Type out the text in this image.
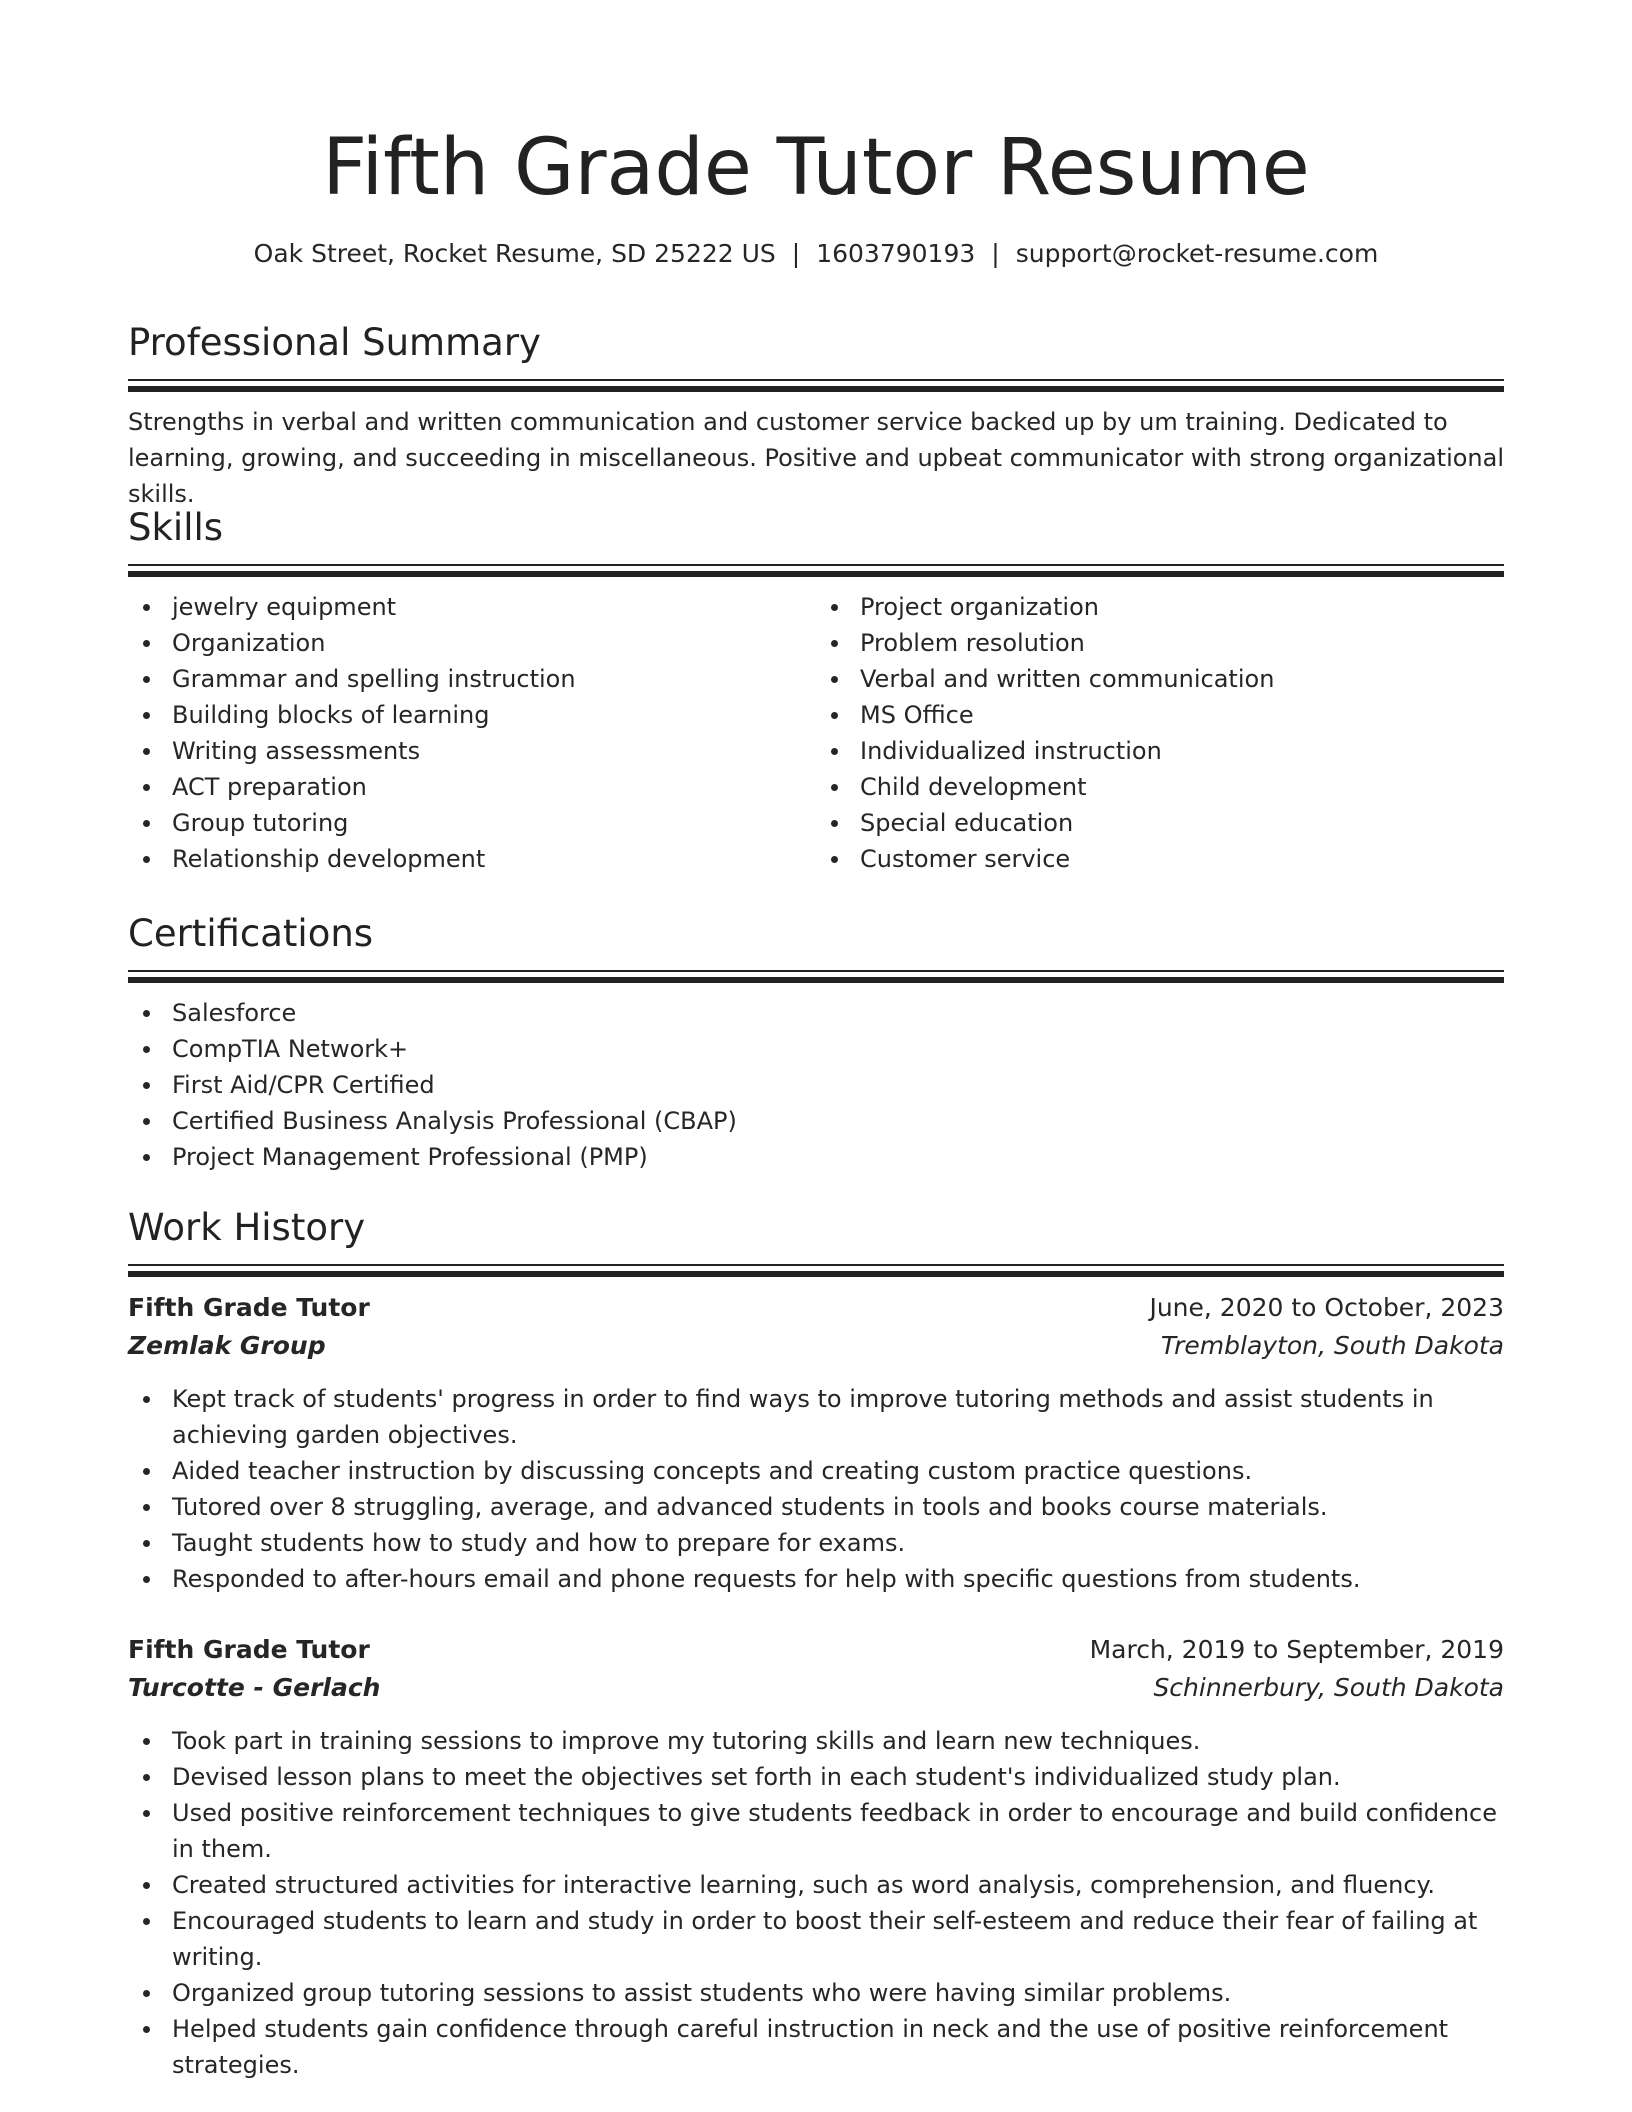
Fifth Grade Tutor Resume
Oak Street, Rocket Resume, SD 25222 US | 1603790193 | support@rocket-resume.com
Professional Summary

Strengths in verbal and written communication and customer service backed up by um training. Dedicated to learning, growing, and succeeding in miscellaneous. Positive and upbeat communicator with strong organizational skills.

Skills
jewelry equipment
Organization
Grammar and spelling instruction
Building blocks of learning
Writing assessments
ACT preparation
Group tutoring
Relationship development
Project organization
Problem resolution
Verbal and written communication
MS Office
Individualized instruction
Child development
Special education
Customer service
Certifications
Salesforce
CompTIA Network+
First Aid/CPR Certified
Certified Business Analysis Professional (CBAP)
Project Management Professional (PMP)
Work History
Fifth Grade Tutor	June, 2020 to October, 2023
Zemlak Group	Tremblayton, South Dakota
Kept track of students' progress in order to find ways to improve tutoring methods and assist students in achieving garden objectives.
Aided teacher instruction by discussing concepts and creating custom practice questions.
Tutored over 8 struggling, average, and advanced students in tools and books course materials.
Taught students how to study and how to prepare for exams.
Responded to after-hours email and phone requests for help with specific questions from students.
Fifth Grade Tutor	March, 2019 to September, 2019
Turcotte - Gerlach	Schinnerbury, South Dakota
Took part in training sessions to improve my tutoring skills and learn new techniques.
Devised lesson plans to meet the objectives set forth in each student's individualized study plan.
Used positive reinforcement techniques to give students feedback in order to encourage and build confidence in them.
Created structured activities for interactive learning, such as word analysis, comprehension, and fluency.
Encouraged students to learn and study in order to boost their self-esteem and reduce their fear of failing at writing.
Organized group tutoring sessions to assist students who were having similar problems.
Helped students gain confidence through careful instruction in neck and the use of positive reinforcement strategies.
